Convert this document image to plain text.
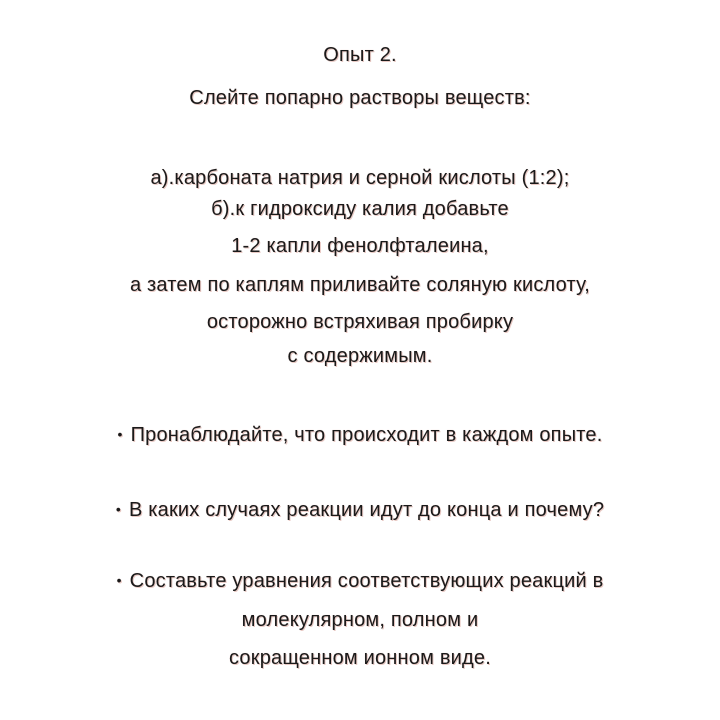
Опыт 2.
Слейте попарно растворы веществ:
а).карбоната натрия и серной кислоты (1:2);
б).к гидроксиду калия добавьте
1-2 капли фенолфталеина,
а затем по каплям приливайте соляную кислоту,
осторожно встряхивая пробирку
с содержимым.
• Пронаблюдайте, что происходит в каждом опыте.
• В каких случаях реакции идут до конца и почему?
• Составьте уравнения соответствующих реакций в
молекулярном, полном и
сокращенном ионном виде.
